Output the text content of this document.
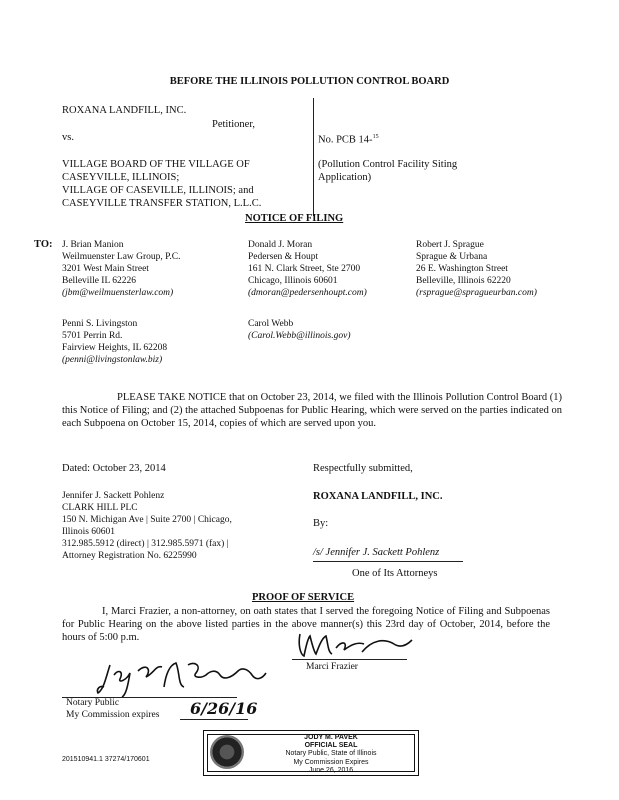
BEFORE THE ILLINOIS POLLUTION CONTROL BOARD
ROXANA LANDFILL, INC.
Petitioner,
vs.
VILLAGE BOARD OF THE VILLAGE OF
CASEYVILLE, ILLINOIS;
VILLAGE OF CASEVILLE, ILLINOIS; and
CASEYVILLE TRANSFER STATION, L.L.C.
No. PCB 14-$^{15}$
(Pollution Control Facility Siting
Application)
NOTICE OF FILING
TO: J. Brian Manion
Weilmuenster Law Group, P.C.
3201 West Main Street
Belleville IL 62226
(jbm@weilmuensterlaw.com)
Donald J. Moran
Pedersen & Houpt
161 N. Clark Street, Ste 2700
Chicago, Illinois 60601
(dmoran@pedersenhoupt.com)
Robert J. Sprague
Sprague & Urbana
26 E. Washington Street
Belleville, Illinois 62220
(rsprague@spragueurban.com)
Penni S. Livingston
5701 Perrin Rd.
Fairview Heights, IL 62208
(penni@livingstonlaw.biz)
Carol Webb
(Carol.Webb@illinois.gov)
PLEASE TAKE NOTICE that on October 23, 2014, we filed with the Illinois Pollution Control Board (1) this Notice of Filing; and (2) the attached Subpoenas for Public Hearing, which were served on the parties indicated on each Subpoena on October 15, 2014, copies of which are served upon you.
Dated: October 23, 2014	Respectfully submitted,
Jennifer J. Sackett Pohlenz
CLARK HILL PLC
150 N. Michigan Ave | Suite 2700 | Chicago,
Illinois 60601
312.985.5912 (direct) | 312.985.5971 (fax) |
Attorney Registration No. 6225990
ROXANA LANDFILL, INC.
By:
/s/ Jennifer J. Sackett Pohlenz
One of Its Attorneys
PROOF OF SERVICE
I, Marci Frazier, a non-attorney, on oath states that I served the foregoing Notice of Filing and Subpoenas for Public Hearing on the above listed parties in the above manner(s) this 23rd day of October, 2014, before the hours of 5:00 p.m.
Marci Frazier
Notary Public
My Commission expires 6/26/16
JODY M. PAVEK
OFFICIAL SEAL
Notary Public, State of Illinois
My Commission Expires
June 26, 2016
201510941.1 37274/170601
